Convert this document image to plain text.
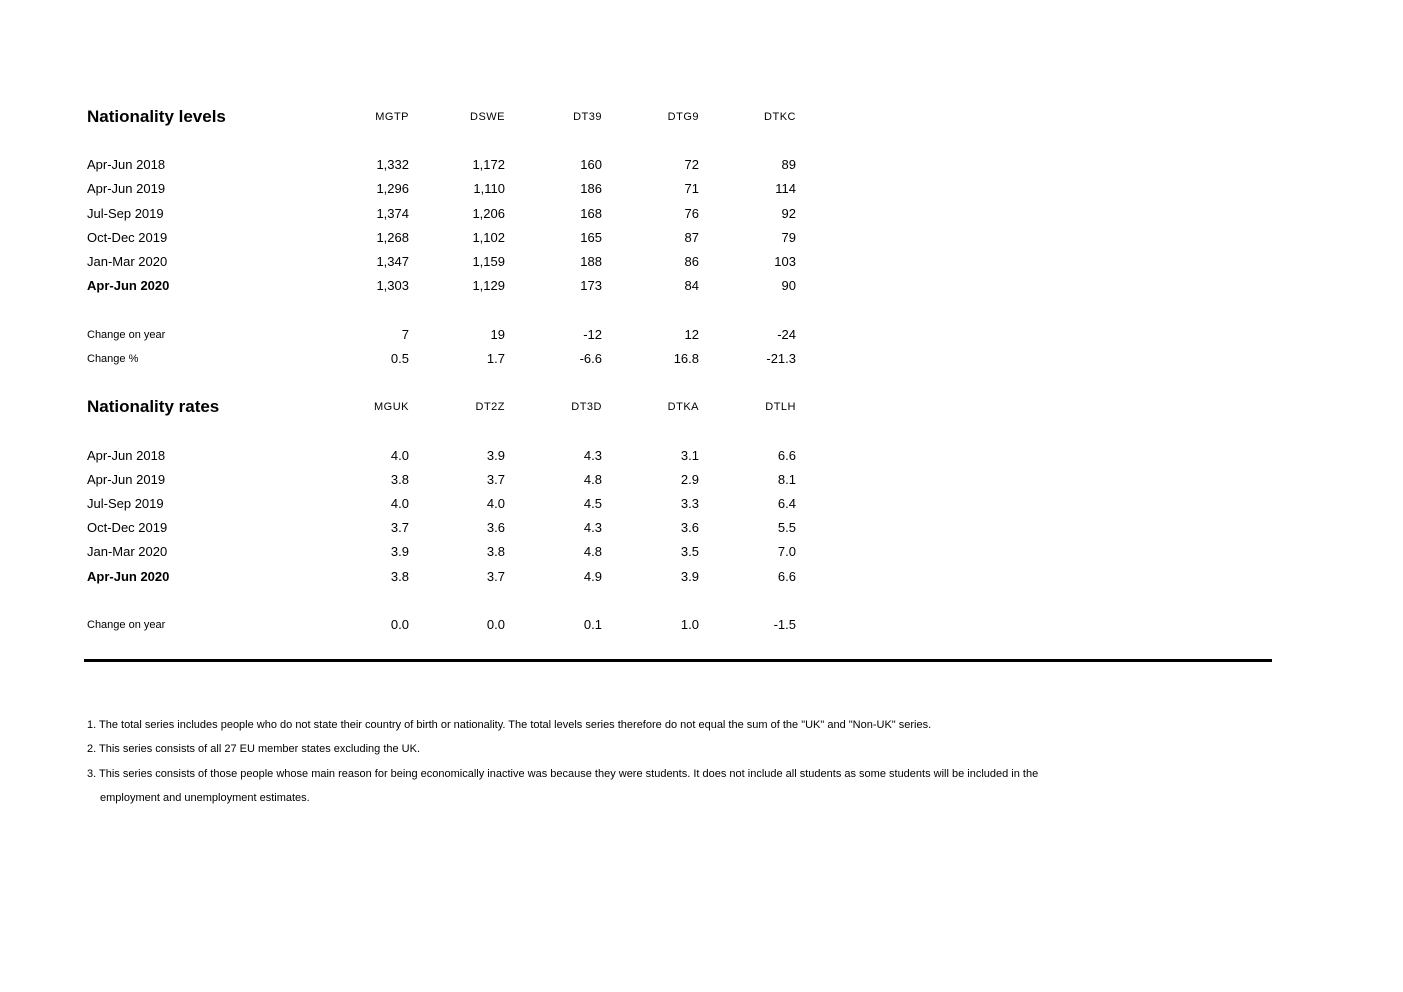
Nationality levels	MGTP	DSWE	DT39	DTG9	DTKC
Apr-Jun 2018	1,332	1,172	160	72	89
Apr-Jun 2019	1,296	1,110	186	71	114
Jul-Sep 2019	1,374	1,206	168	76	92
Oct-Dec 2019	1,268	1,102	165	87	79
Jan-Mar 2020	1,347	1,159	188	86	103
Apr-Jun 2020	1,303	1,129	173	84	90
Change on year	7	19	-12	12	-24
Change %	0.5	1.7	-6.6	16.8	-21.3
Nationality rates	MGUK	DT2Z	DT3D	DTKA	DTLH
Apr-Jun 2018	4.0	3.9	4.3	3.1	6.6
Apr-Jun 2019	3.8	3.7	4.8	2.9	8.1
Jul-Sep 2019	4.0	4.0	4.5	3.3	6.4
Oct-Dec 2019	3.7	3.6	4.3	3.6	5.5
Jan-Mar 2020	3.9	3.8	4.8	3.5	7.0
Apr-Jun 2020	3.8	3.7	4.9	3.9	6.6
Change on year	0.0	0.0	0.1	1.0	-1.5
1. The total series includes people who do not state their country of birth or nationality. The total levels series therefore do not equal the sum of the "UK" and "Non-UK" series.
2. This series consists of all 27 EU member states excluding the UK.
3. This series consists of those people whose main reason for being economically inactive was because they were students. It does not include all students as some students will be included in the
employment and unemployment estimates.
